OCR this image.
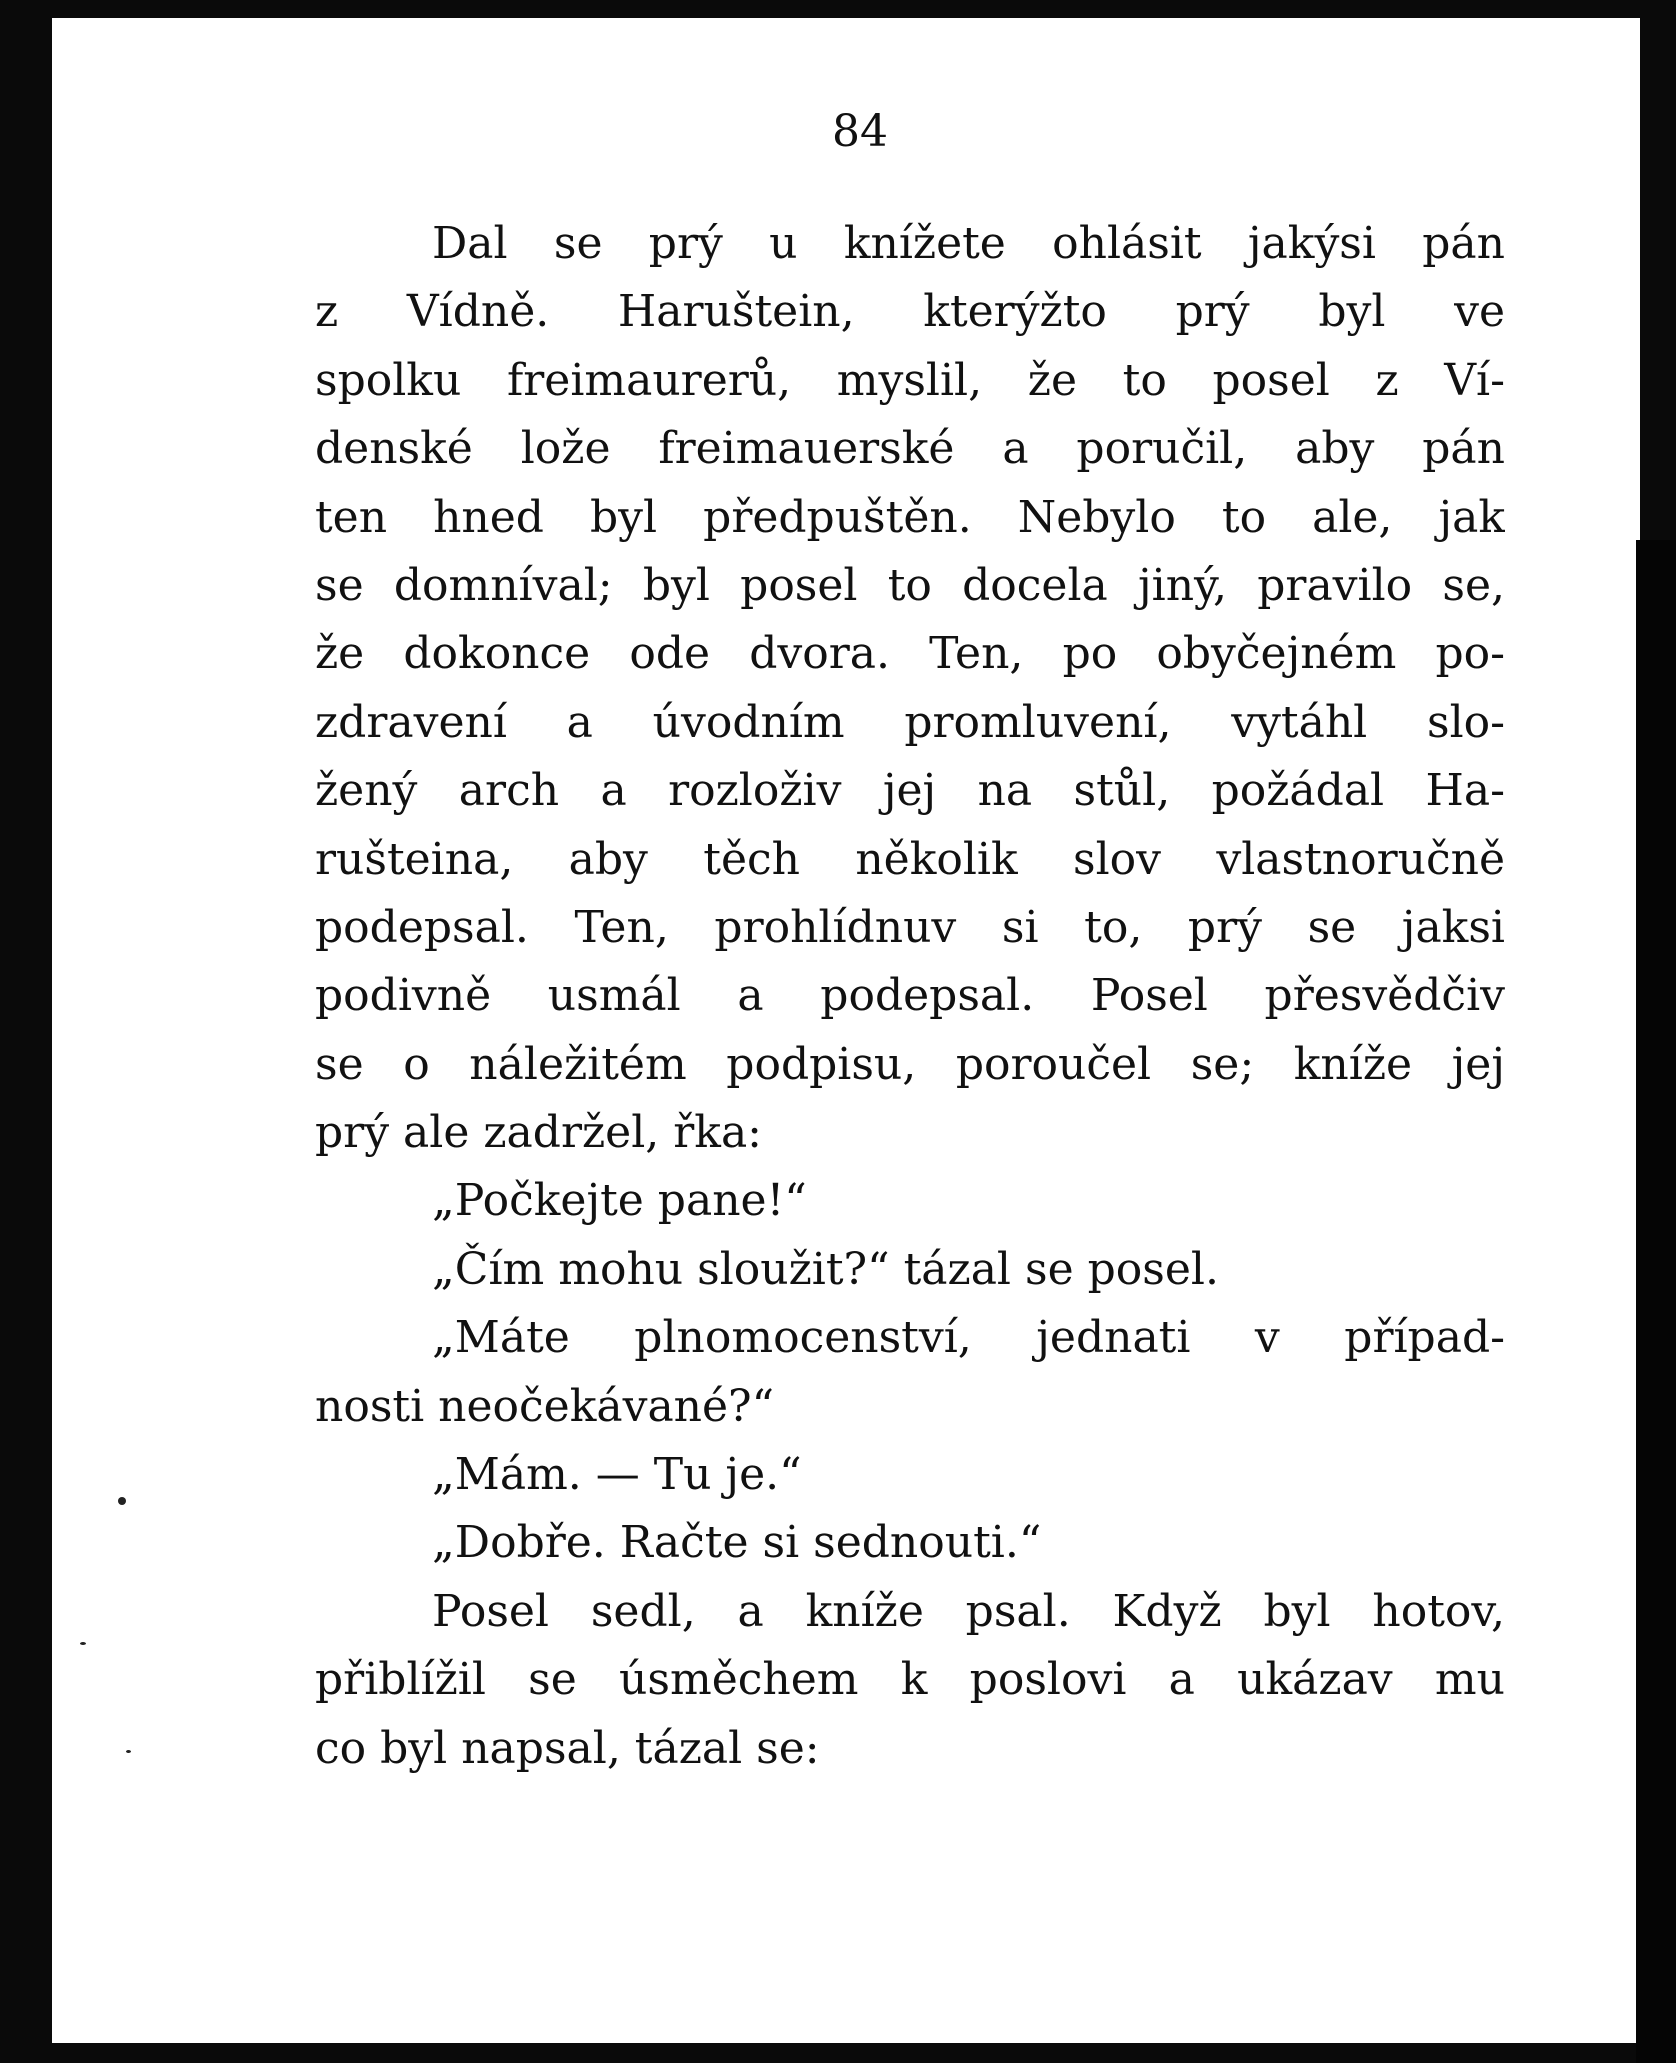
84
Dal se prý u knížete ohlásit jakýsi pán
z Vídně. Haruštein, kterýžto prý byl ve
spolku freimaurerů, myslil, že to posel z Ví-
denské lože freimauerské a poručil, aby pán
ten hned byl předpuštěn. Nebylo to ale, jak
se domníval; byl posel to docela jiný, pravilo se,
že dokonce ode dvora. Ten, po obyčejném po-
zdravení a úvodním promluvení, vytáhl slo-
žený arch a rozloživ jej na stůl, požádal Ha-
rušteina, aby těch několik slov vlastnoručně
podepsal. Ten, prohlídnuv si to, prý se jaksi
podivně usmál a podepsal. Posel přesvědčiv
se o náležitém podpisu, poroučel se; kníže jej
prý ale zadržel, řka:
„Počkejte pane!“
„Čím mohu sloužit?“ tázal se posel.
„Máte plnomocenství, jednati v případ-
nosti neočekávané?“
„Mám. — Tu je.“
„Dobře. Račte si sednouti.“
Posel sedl, a kníže psal. Když byl hotov,
přiblížil se úsměchem k poslovi a ukázav mu
co byl napsal, tázal se:
